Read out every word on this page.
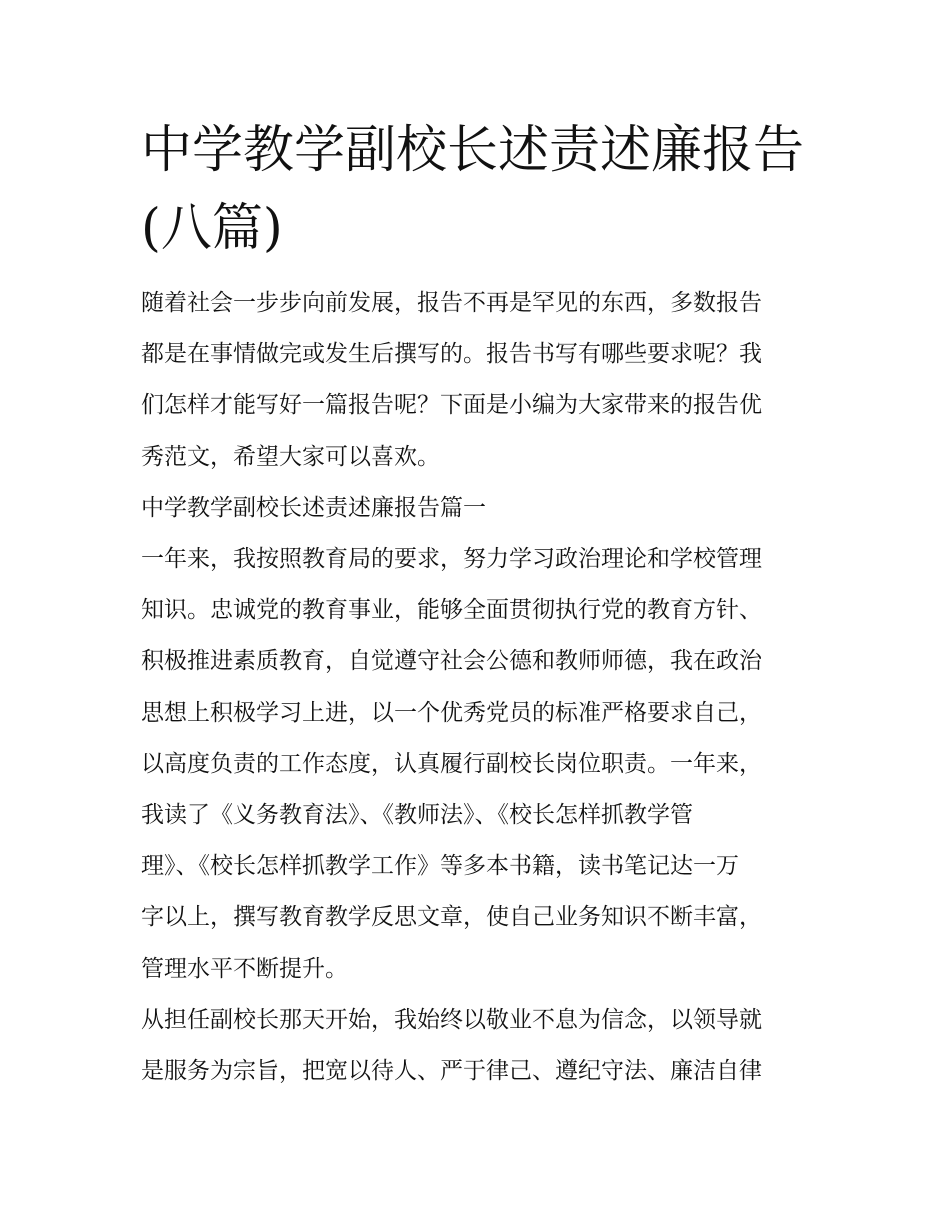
中学教学副校长述责述廉报告
(八篇)

随着社会一步步向前发展，报告不再是罕见的东西，多数报告
都是在事情做完或发生后撰写的。报告书写有哪些要求呢？我
们怎样才能写好一篇报告呢？下面是小编为大家带来的报告优
秀范文，希望大家可以喜欢。

中学教学副校长述责述廉报告篇一

一年来，我按照教育局的要求，努力学习政治理论和学校管理
知识。忠诚党的教育事业，能够全面贯彻执行党的教育方针、
积极推进素质教育，自觉遵守社会公德和教师师德，我在政治
思想上积极学习上进，以一个优秀党员的标准严格要求自己，
以高度负责的工作态度，认真履行副校长岗位职责。一年来，
我读了《义务教育法》、《教师法》、《校长怎样抓教学管
理》、《校长怎样抓教学工作》等多本书籍，读书笔记达一万
字以上，撰写教育教学反思文章，使自己业务知识不断丰富，
管理水平不断提升。

从担任副校长那天开始，我始终以敬业不息为信念，以领导就
是服务为宗旨，把宽以待人、严于律己、遵纪守法、廉洁自律
